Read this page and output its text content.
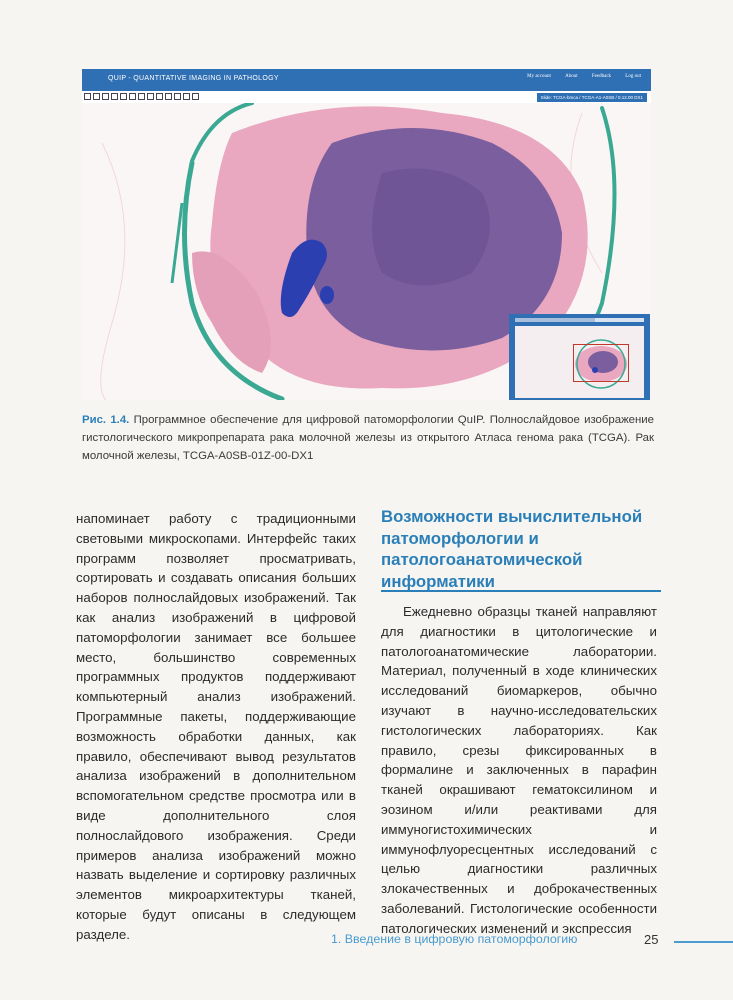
QUIP - QUANTITATIVE IMAGING IN PATHOLOGY	My account	About	Feedback	Log out
Slide: TCGA-bmca / TCGA-A1-A0SB / 0.12.00 DX1
Рис. 1.4. Программное обеспечение для цифровой патоморфологии QuIP. Полнослайдовое изображение гистологического микропрепарата рака молочной железы из открытого Атласа генома рака (TCGA). Рак молочной железы, TCGA-A0SB-01Z-00-DX1
напоминает работу с традиционными световыми микроскопами. Интерфейс таких программ позволяет просматривать, сортировать и создавать описания больших наборов полнослайдовых изображений. Так как анализ изображений в цифровой патоморфологии занимает все большее место, большинство современных программных продуктов поддерживают компьютерный анализ изображений. Программные пакеты, поддерживающие возможность обработки данных, как правило, обеспечивают вывод результатов анализа изображений в дополнительном вспомогательном средстве просмотра или в виде дополнительного слоя полнослайдового изображения. Среди примеров анализа изображений можно назвать выделение и сортировку различных элементов микроархитектуры тканей, которые будут описаны в следующем разделе.
Возможности вычислительной патоморфологии и патологоанатомической информатики
Ежедневно образцы тканей направляют для диагностики в цитологические и патологоанатомические лаборатории. Материал, полученный в ходе клинических исследований биомаркеров, обычно изучают в научно-исследовательских гистологических лабораториях. Как правило, срезы фиксированных в формалине и заключенных в парафин тканей окрашивают гематоксилином и эозином и/или реактивами для иммуногистохимических и иммунофлуоресцентных исследований с целью диагностики различных злокачественных и доброкачественных заболеваний. Гистологические особенности патологических изменений и экспрессия
1. Введение в цифровую патоморфологию	25
